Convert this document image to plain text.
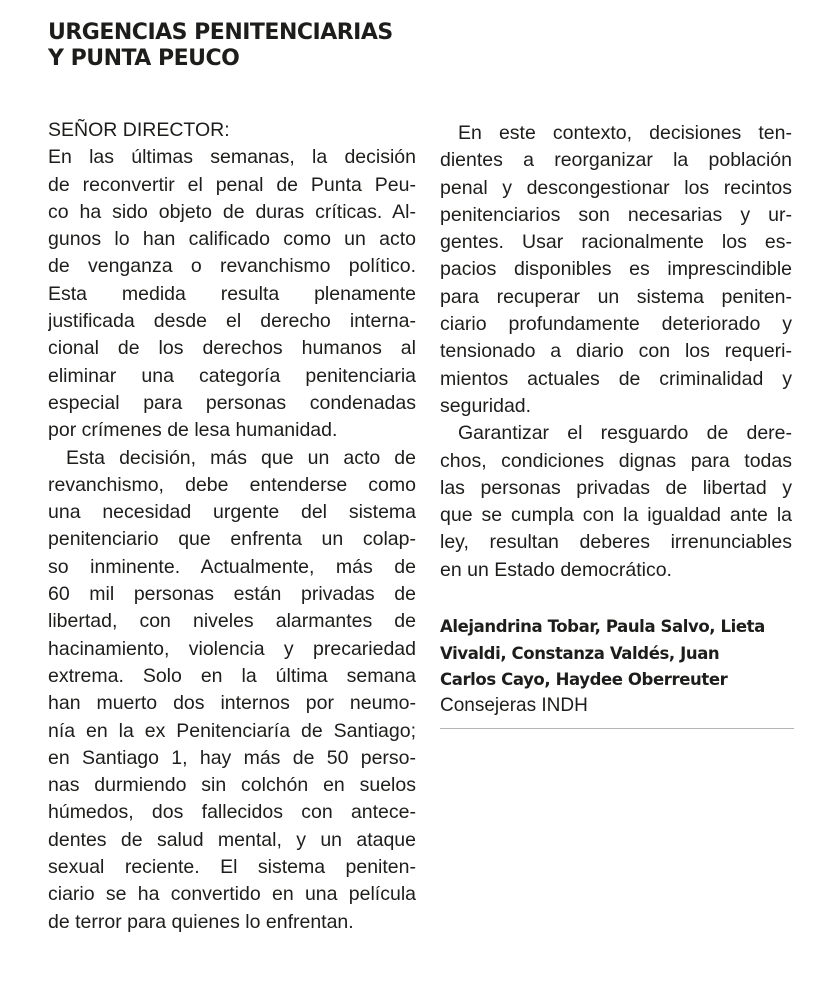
URGENCIAS PENITENCIARIAS
Y PUNTA PEUCO
SEÑOR DIRECTOR:
En las últimas semanas, la decisión
de reconvertir el penal de Punta Peu-
co ha sido objeto de duras críticas. Al-
gunos lo han calificado como un acto
de venganza o revanchismo político.
Esta medida resulta plenamente
justificada desde el derecho interna-
cional de los derechos humanos al
eliminar una categoría penitenciaria
especial para personas condenadas
por crímenes de lesa humanidad.
Esta decisión, más que un acto de
revanchismo, debe entenderse como
una necesidad urgente del sistema
penitenciario que enfrenta un colap-
so inminente. Actualmente, más de
60 mil personas están privadas de
libertad, con niveles alarmantes de
hacinamiento, violencia y precariedad
extrema. Solo en la última semana
han muerto dos internos por neumo-
nía en la ex Penitenciaría de Santiago;
en Santiago 1, hay más de 50 perso-
nas durmiendo sin colchón en suelos
húmedos, dos fallecidos con antece-
dentes de salud mental, y un ataque
sexual reciente. El sistema peniten-
ciario se ha convertido en una película
de terror para quienes lo enfrentan.
En este contexto, decisiones ten-
dientes a reorganizar la población
penal y descongestionar los recintos
penitenciarios son necesarias y ur-
gentes. Usar racionalmente los es-
pacios disponibles es imprescindible
para recuperar un sistema peniten-
ciario profundamente deteriorado y
tensionado a diario con los requeri-
mientos actuales de criminalidad y
seguridad.
Garantizar el resguardo de dere-
chos, condiciones dignas para todas
las personas privadas de libertad y
que se cumpla con la igualdad ante la
ley, resultan deberes irrenunciables
en un Estado democrático.
Alejandrina Tobar, Paula Salvo, Lieta
Vivaldi, Constanza Valdés, Juan
Carlos Cayo, Haydee Oberreuter
Consejeras INDH
